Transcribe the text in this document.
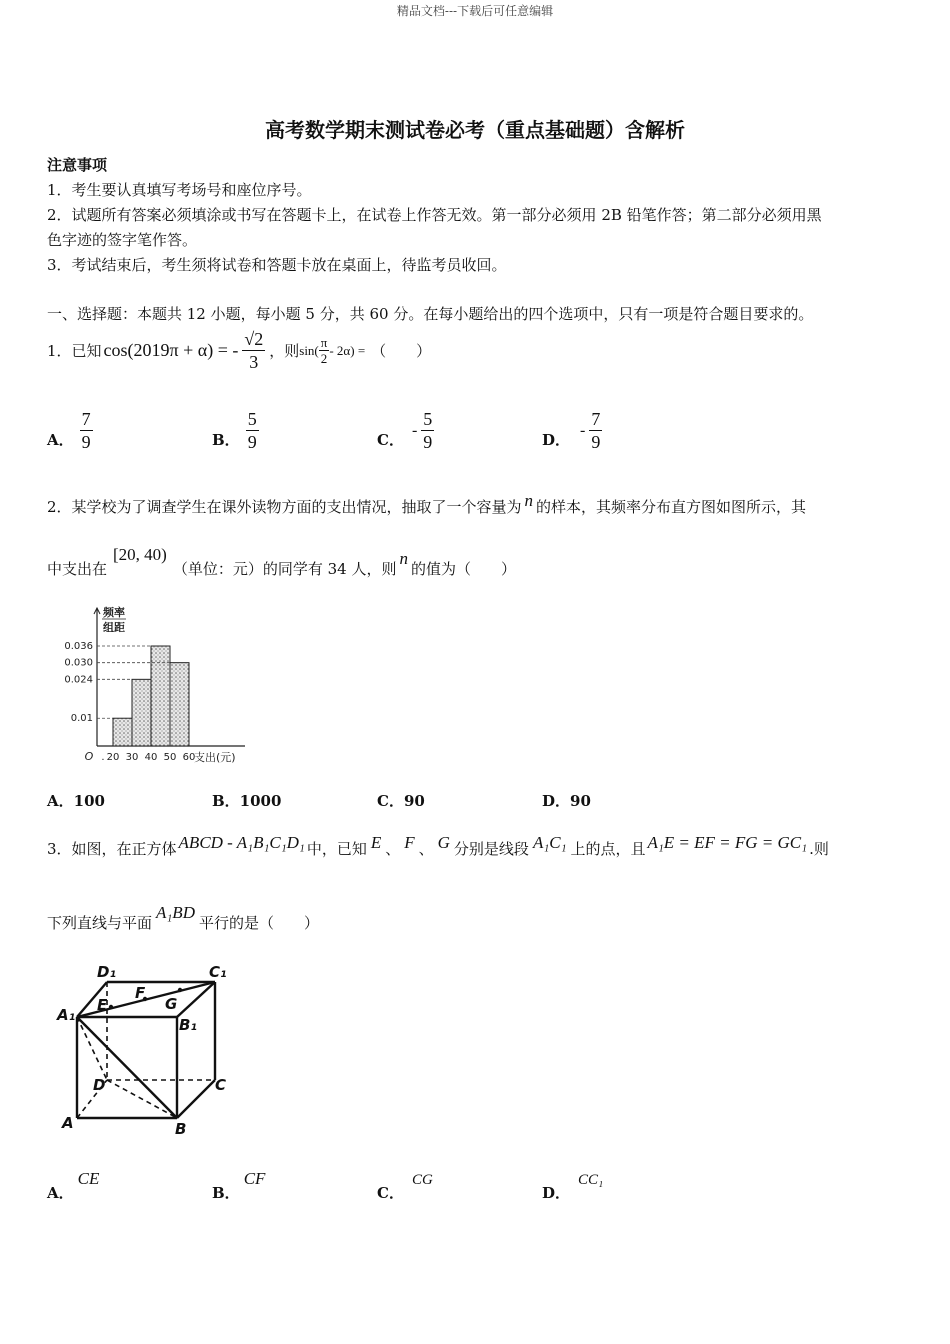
精品文档---下载后可任意编辑
高考数学期末测试卷必考（重点基础题）含解析
注意事项
1．考生要认真填写考场号和座位序号。
2．试题所有答案必须填涂或书写在答题卡上，在试卷上作答无效。第一部分必须用 2B 铅笔作答；第二部分必须用黑
色字迹的签字笔作答。
3．考试结束后，考生须将试卷和答题卡放在桌面上，待监考员收回。
一、选择题：本题共 12 小题，每小题 5 分，共 60 分。在每小题给出的四个选项中，只有一项是符合题目要求的。
1．已知 cos(2019π + α) = - $\frac{√2}{3}$ ，则 $\sin( \frac{\pi}{2} - 2\alpha)$ = （　　）
A． $\frac{7}{9}$	B． $\frac{5}{9}$	C．
- $\frac{5}{9}$	D．
- $\frac{7}{9}$
2．某学校为了调查学生在课外读物方面的支出情况，抽取了一个容量为 n 的样本，其频率分布直方图如图所示，其
中支出在[20, 40)（单位：元）的同学有 34 人，则n的值为（　　）
0.01
0.024
0.030
0.036
20 30 40 50 60
O .	支出(元)
频率
组距
A．100	B．1000	C．90	D．90
3．如图，在正方体 ABCD - A₁B₁C₁D₁ 中，已知 E 、 F 、 G 分别是线段 A₁C₁ 上的点，且 A₁E = EF = FG = GC₁ .则
下列直线与平面A₁BD平行的是（　　）
D₁	C₁
A₁
B₁
E
F
G
D	C
A	B
A．CE
B．CF
C．CG
D．CC₁
